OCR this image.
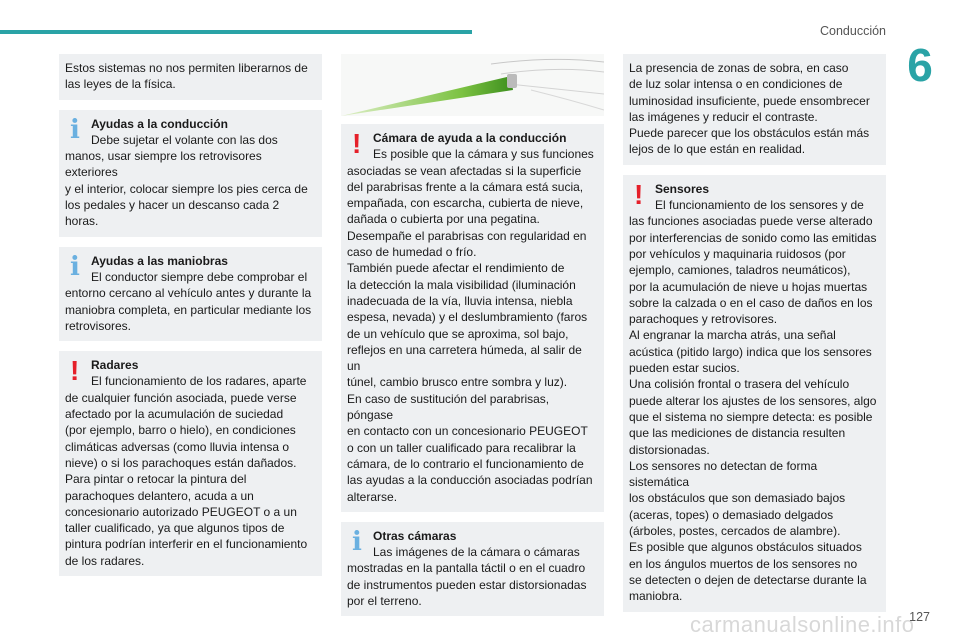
Conducción
6

Estos sistemas no nos permiten liberarnos de
las leyes de la física.

i Ayudas a la conducción
Debe sujetar el volante con las dos

manos, usar siempre los retrovisores exteriores
y el interior, colocar siempre los pies cerca de
los pedales y hacer un descanso cada 2 horas.

i Ayudas a las maniobras
El conductor siempre debe comprobar el

entorno cercano al vehículo antes y durante la
maniobra completa, en particular mediante los
retrovisores.

! Radares
El funcionamiento de los radares, aparte

de cualquier función asociada, puede verse
afectado por la acumulación de suciedad
(por ejemplo, barro o hielo), en condiciones
climáticas adversas (como lluvia intensa o
nieve) o si los parachoques están dañados.
Para pintar o retocar la pintura del
parachoques delantero, acuda a un
concesionario autorizado PEUGEOT o a un
taller cualificado, ya que algunos tipos de
pintura podrían interferir en el funcionamiento
de los radares.

! Cámara de ayuda a la conducción
Es posible que la cámara y sus funciones

asociadas se vean afectadas si la superficie
del parabrisas frente a la cámara está sucia,
empañada, con escarcha, cubierta de nieve,
dañada o cubierta por una pegatina.
Desempañe el parabrisas con regularidad en
caso de humedad o frío.
También puede afectar el rendimiento de
la detección la mala visibilidad (iluminación
inadecuada de la vía, lluvia intensa, niebla
espesa, nevada) y el deslumbramiento (faros
de un vehículo que se aproxima, sol bajo,
reflejos en una carretera húmeda, al salir de un
túnel, cambio brusco entre sombra y luz).
En caso de sustitución del parabrisas, póngase
en contacto con un concesionario PEUGEOT
o con un taller cualificado para recalibrar la
cámara, de lo contrario el funcionamiento de
las ayudas a la conducción asociadas podrían
alterarse.

i Otras cámaras
Las imágenes de la cámara o cámaras

mostradas en la pantalla táctil o en el cuadro
de instrumentos pueden estar distorsionadas
por el terreno.

La presencia de zonas de sobra, en caso
de luz solar intensa o en condiciones de
luminosidad insuficiente, puede ensombrecer
las imágenes y reducir el contraste.
Puede parecer que los obstáculos están más
lejos de lo que están en realidad.

! Sensores
El funcionamiento de los sensores y de

las funciones asociadas puede verse alterado
por interferencias de sonido como las emitidas
por vehículos y maquinaria ruidosos (por
ejemplo, camiones, taladros neumáticos),
por la acumulación de nieve u hojas muertas
sobre la calzada o en el caso de daños en los
parachoques y retrovisores.
Al engranar la marcha atrás, una señal
acústica (pitido largo) indica que los sensores
pueden estar sucios.
Una colisión frontal o trasera del vehículo
puede alterar los ajustes de los sensores, algo
que el sistema no siempre detecta: es posible
que las mediciones de distancia resulten
distorsionadas.
Los sensores no detectan de forma sistemática
los obstáculos que son demasiado bajos
(aceras, topes) o demasiado delgados
(árboles, postes, cercados de alambre).
Es posible que algunos obstáculos situados
en los ángulos muertos de los sensores no
se detecten o dejen de detectarse durante la
maniobra.

carmanualsonline.info
127
